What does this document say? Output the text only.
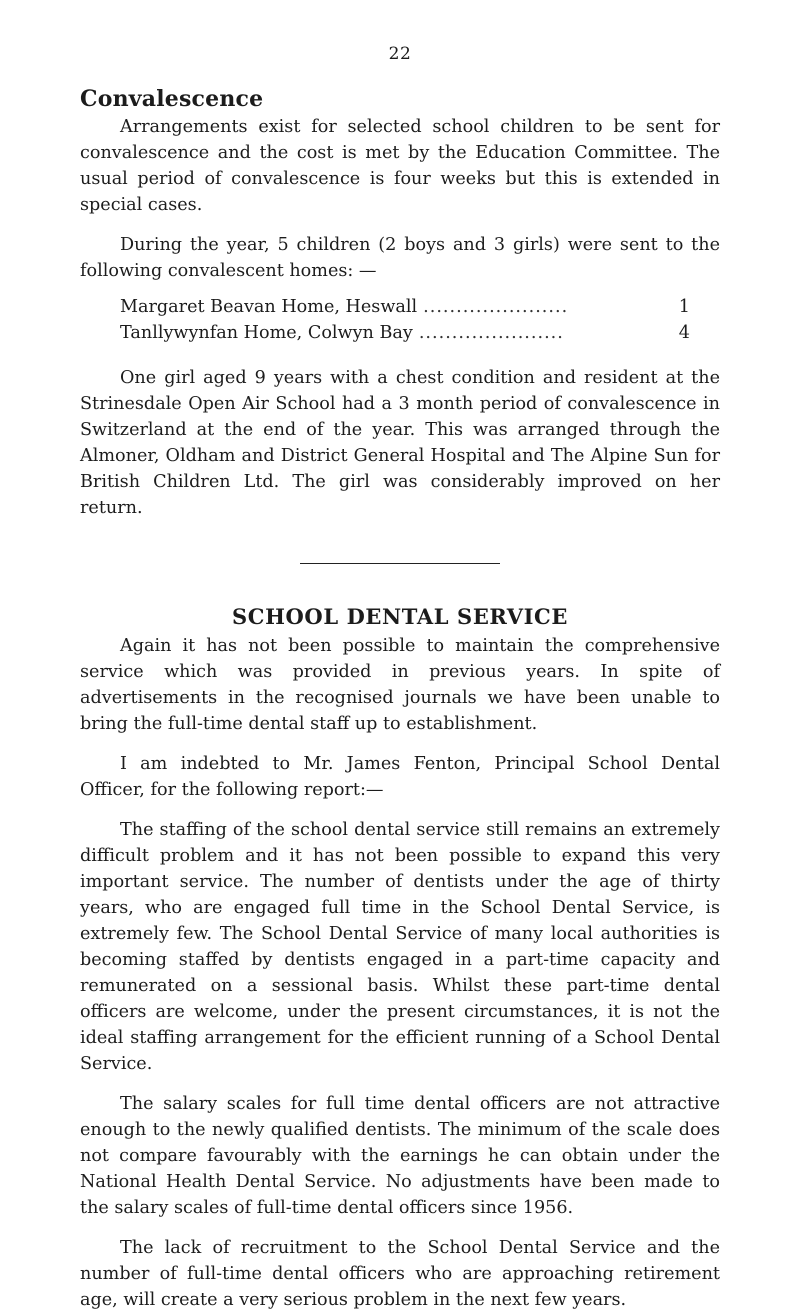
22
Convalescence

Arrangements exist for selected school children to be sent for convalescence and the cost is met by the Education Committee. The usual period of convalescence is four weeks but this is extended in special cases.

During the year, 5 children (2 boys and 3 girls) were sent to the following convalescent homes: —

Margaret Beavan Home, Heswall ......................	1
Tanllywynfan Home, Colwyn Bay ......................	4

One girl aged 9 years with a chest condition and resident at the Strinesdale Open Air School had a 3 month period of convalescence in Switzerland at the end of the year. This was arranged through the Almoner, Oldham and District General Hospital and The Alpine Sun for British Children Ltd. The girl was considerably improved on her return.

SCHOOL DENTAL SERVICE

Again it has not been possible to maintain the comprehensive service which was provided in previous years. In spite of advertisements in the recognised journals we have been unable to bring the full-time dental staff up to establishment.

I am indebted to Mr. James Fenton, Principal School Dental Officer, for the following report:—

The staffing of the school dental service still remains an extremely difficult problem and it has not been possible to expand this very important service. The number of dentists under the age of thirty years, who are engaged full time in the School Dental Service, is extremely few. The School Dental Service of many local authorities is becoming staffed by dentists engaged in a part-time capacity and remunerated on a sessional basis. Whilst these part-time dental officers are welcome, under the present circumstances, it is not the ideal staffing arrangement for the efficient running of a School Dental Service.

The salary scales for full time dental officers are not attractive enough to the newly qualified dentists. The minimum of the scale does not compare favourably with the earnings he can obtain under the National Health Dental Service. No adjustments have been made to the salary scales of full-time dental officers since 1956.

The lack of recruitment to the School Dental Service and the number of full-time dental officers who are approaching retirement age, will create a very serious problem in the next few years.
